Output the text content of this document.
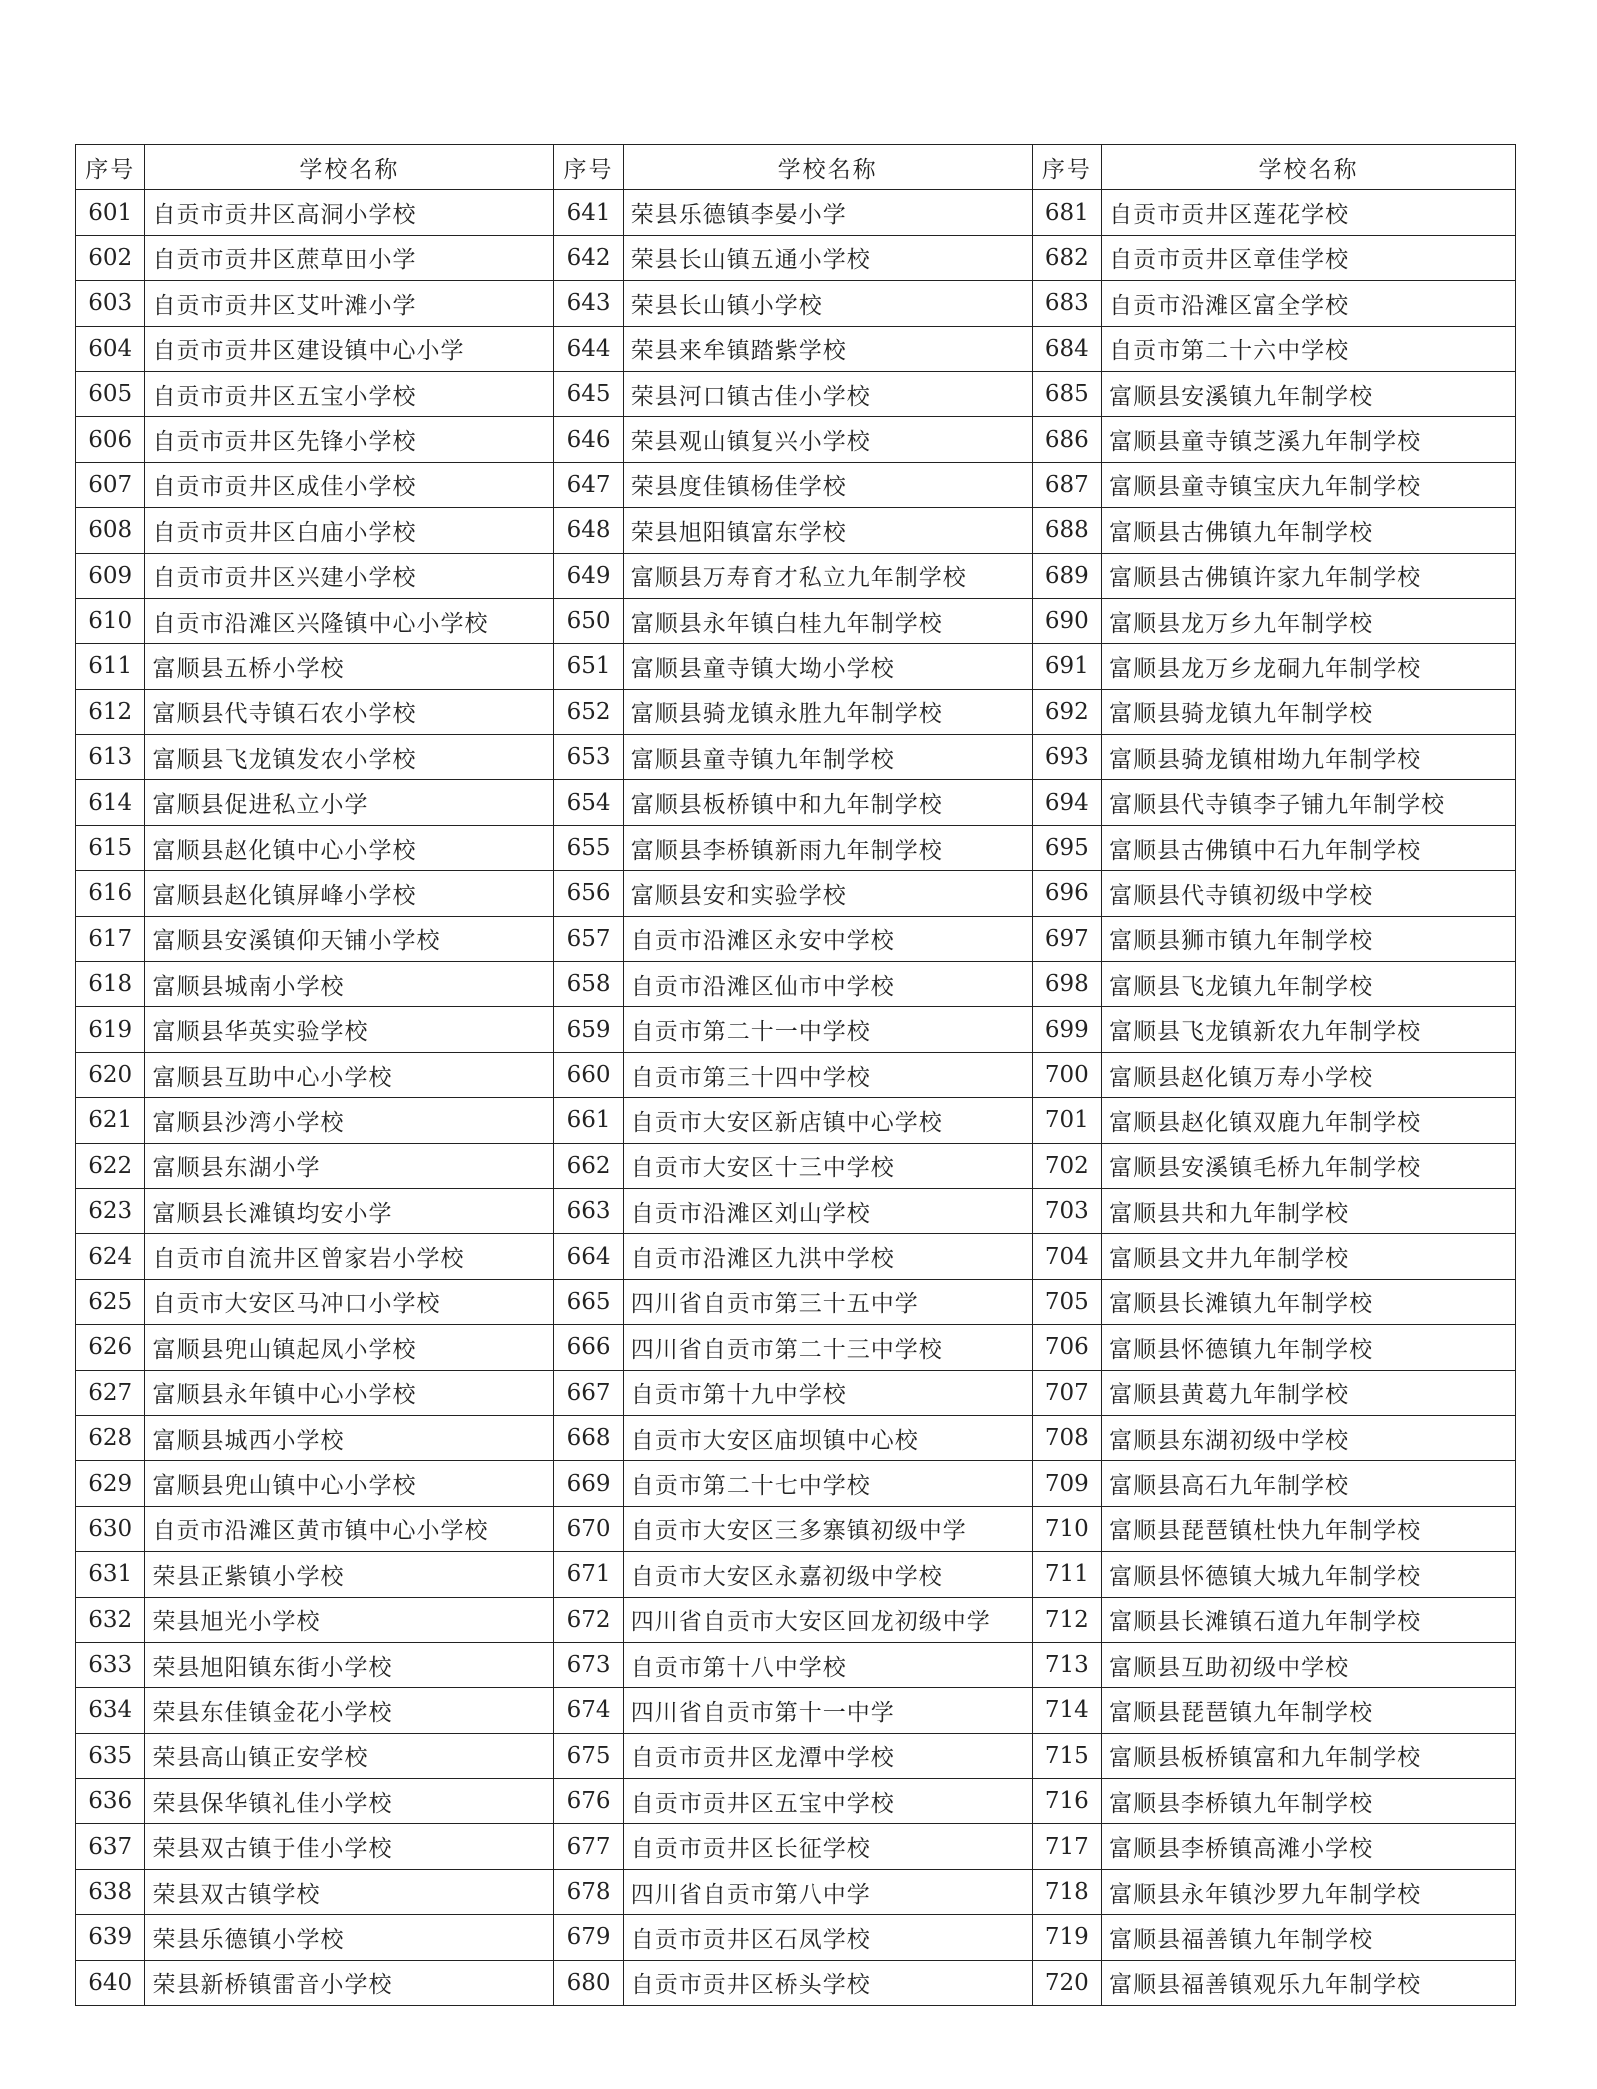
序号	学校名称	序号	学校名称	序号	学校名称
601	自贡市贡井区高洞小学校	641	荣县乐德镇李晏小学	681	自贡市贡井区莲花学校
602	自贡市贡井区蔗草田小学	642	荣县长山镇五通小学校	682	自贡市贡井区章佳学校
603	自贡市贡井区艾叶滩小学	643	荣县长山镇小学校	683	自贡市沿滩区富全学校
604	自贡市贡井区建设镇中心小学	644	荣县来牟镇踏紫学校	684	自贡市第二十六中学校
605	自贡市贡井区五宝小学校	645	荣县河口镇古佳小学校	685	富顺县安溪镇九年制学校
606	自贡市贡井区先锋小学校	646	荣县观山镇复兴小学校	686	富顺县童寺镇芝溪九年制学校
607	自贡市贡井区成佳小学校	647	荣县度佳镇杨佳学校	687	富顺县童寺镇宝庆九年制学校
608	自贡市贡井区白庙小学校	648	荣县旭阳镇富东学校	688	富顺县古佛镇九年制学校
609	自贡市贡井区兴建小学校	649	富顺县万寿育才私立九年制学校	689	富顺县古佛镇许家九年制学校
610	自贡市沿滩区兴隆镇中心小学校	650	富顺县永年镇白桂九年制学校	690	富顺县龙万乡九年制学校
611	富顺县五桥小学校	651	富顺县童寺镇大坳小学校	691	富顺县龙万乡龙硐九年制学校
612	富顺县代寺镇石农小学校	652	富顺县骑龙镇永胜九年制学校	692	富顺县骑龙镇九年制学校
613	富顺县飞龙镇发农小学校	653	富顺县童寺镇九年制学校	693	富顺县骑龙镇柑坳九年制学校
614	富顺县促进私立小学	654	富顺县板桥镇中和九年制学校	694	富顺县代寺镇李子铺九年制学校
615	富顺县赵化镇中心小学校	655	富顺县李桥镇新雨九年制学校	695	富顺县古佛镇中石九年制学校
616	富顺县赵化镇屏峰小学校	656	富顺县安和实验学校	696	富顺县代寺镇初级中学校
617	富顺县安溪镇仰天铺小学校	657	自贡市沿滩区永安中学校	697	富顺县狮市镇九年制学校
618	富顺县城南小学校	658	自贡市沿滩区仙市中学校	698	富顺县飞龙镇九年制学校
619	富顺县华英实验学校	659	自贡市第二十一中学校	699	富顺县飞龙镇新农九年制学校
620	富顺县互助中心小学校	660	自贡市第三十四中学校	700	富顺县赵化镇万寿小学校
621	富顺县沙湾小学校	661	自贡市大安区新店镇中心学校	701	富顺县赵化镇双鹿九年制学校
622	富顺县东湖小学	662	自贡市大安区十三中学校	702	富顺县安溪镇毛桥九年制学校
623	富顺县长滩镇均安小学	663	自贡市沿滩区刘山学校	703	富顺县共和九年制学校
624	自贡市自流井区曾家岩小学校	664	自贡市沿滩区九洪中学校	704	富顺县文井九年制学校
625	自贡市大安区马冲口小学校	665	四川省自贡市第三十五中学	705	富顺县长滩镇九年制学校
626	富顺县兜山镇起凤小学校	666	四川省自贡市第二十三中学校	706	富顺县怀德镇九年制学校
627	富顺县永年镇中心小学校	667	自贡市第十九中学校	707	富顺县黄葛九年制学校
628	富顺县城西小学校	668	自贡市大安区庙坝镇中心校	708	富顺县东湖初级中学校
629	富顺县兜山镇中心小学校	669	自贡市第二十七中学校	709	富顺县高石九年制学校
630	自贡市沿滩区黄市镇中心小学校	670	自贡市大安区三多寨镇初级中学	710	富顺县琵琶镇杜快九年制学校
631	荣县正紫镇小学校	671	自贡市大安区永嘉初级中学校	711	富顺县怀德镇大城九年制学校
632	荣县旭光小学校	672	四川省自贡市大安区回龙初级中学	712	富顺县长滩镇石道九年制学校
633	荣县旭阳镇东街小学校	673	自贡市第十八中学校	713	富顺县互助初级中学校
634	荣县东佳镇金花小学校	674	四川省自贡市第十一中学	714	富顺县琵琶镇九年制学校
635	荣县高山镇正安学校	675	自贡市贡井区龙潭中学校	715	富顺县板桥镇富和九年制学校
636	荣县保华镇礼佳小学校	676	自贡市贡井区五宝中学校	716	富顺县李桥镇九年制学校
637	荣县双古镇于佳小学校	677	自贡市贡井区长征学校	717	富顺县李桥镇高滩小学校
638	荣县双古镇学校	678	四川省自贡市第八中学	718	富顺县永年镇沙罗九年制学校
639	荣县乐德镇小学校	679	自贡市贡井区石凤学校	719	富顺县福善镇九年制学校
640	荣县新桥镇雷音小学校	680	自贡市贡井区桥头学校	720	富顺县福善镇观乐九年制学校
